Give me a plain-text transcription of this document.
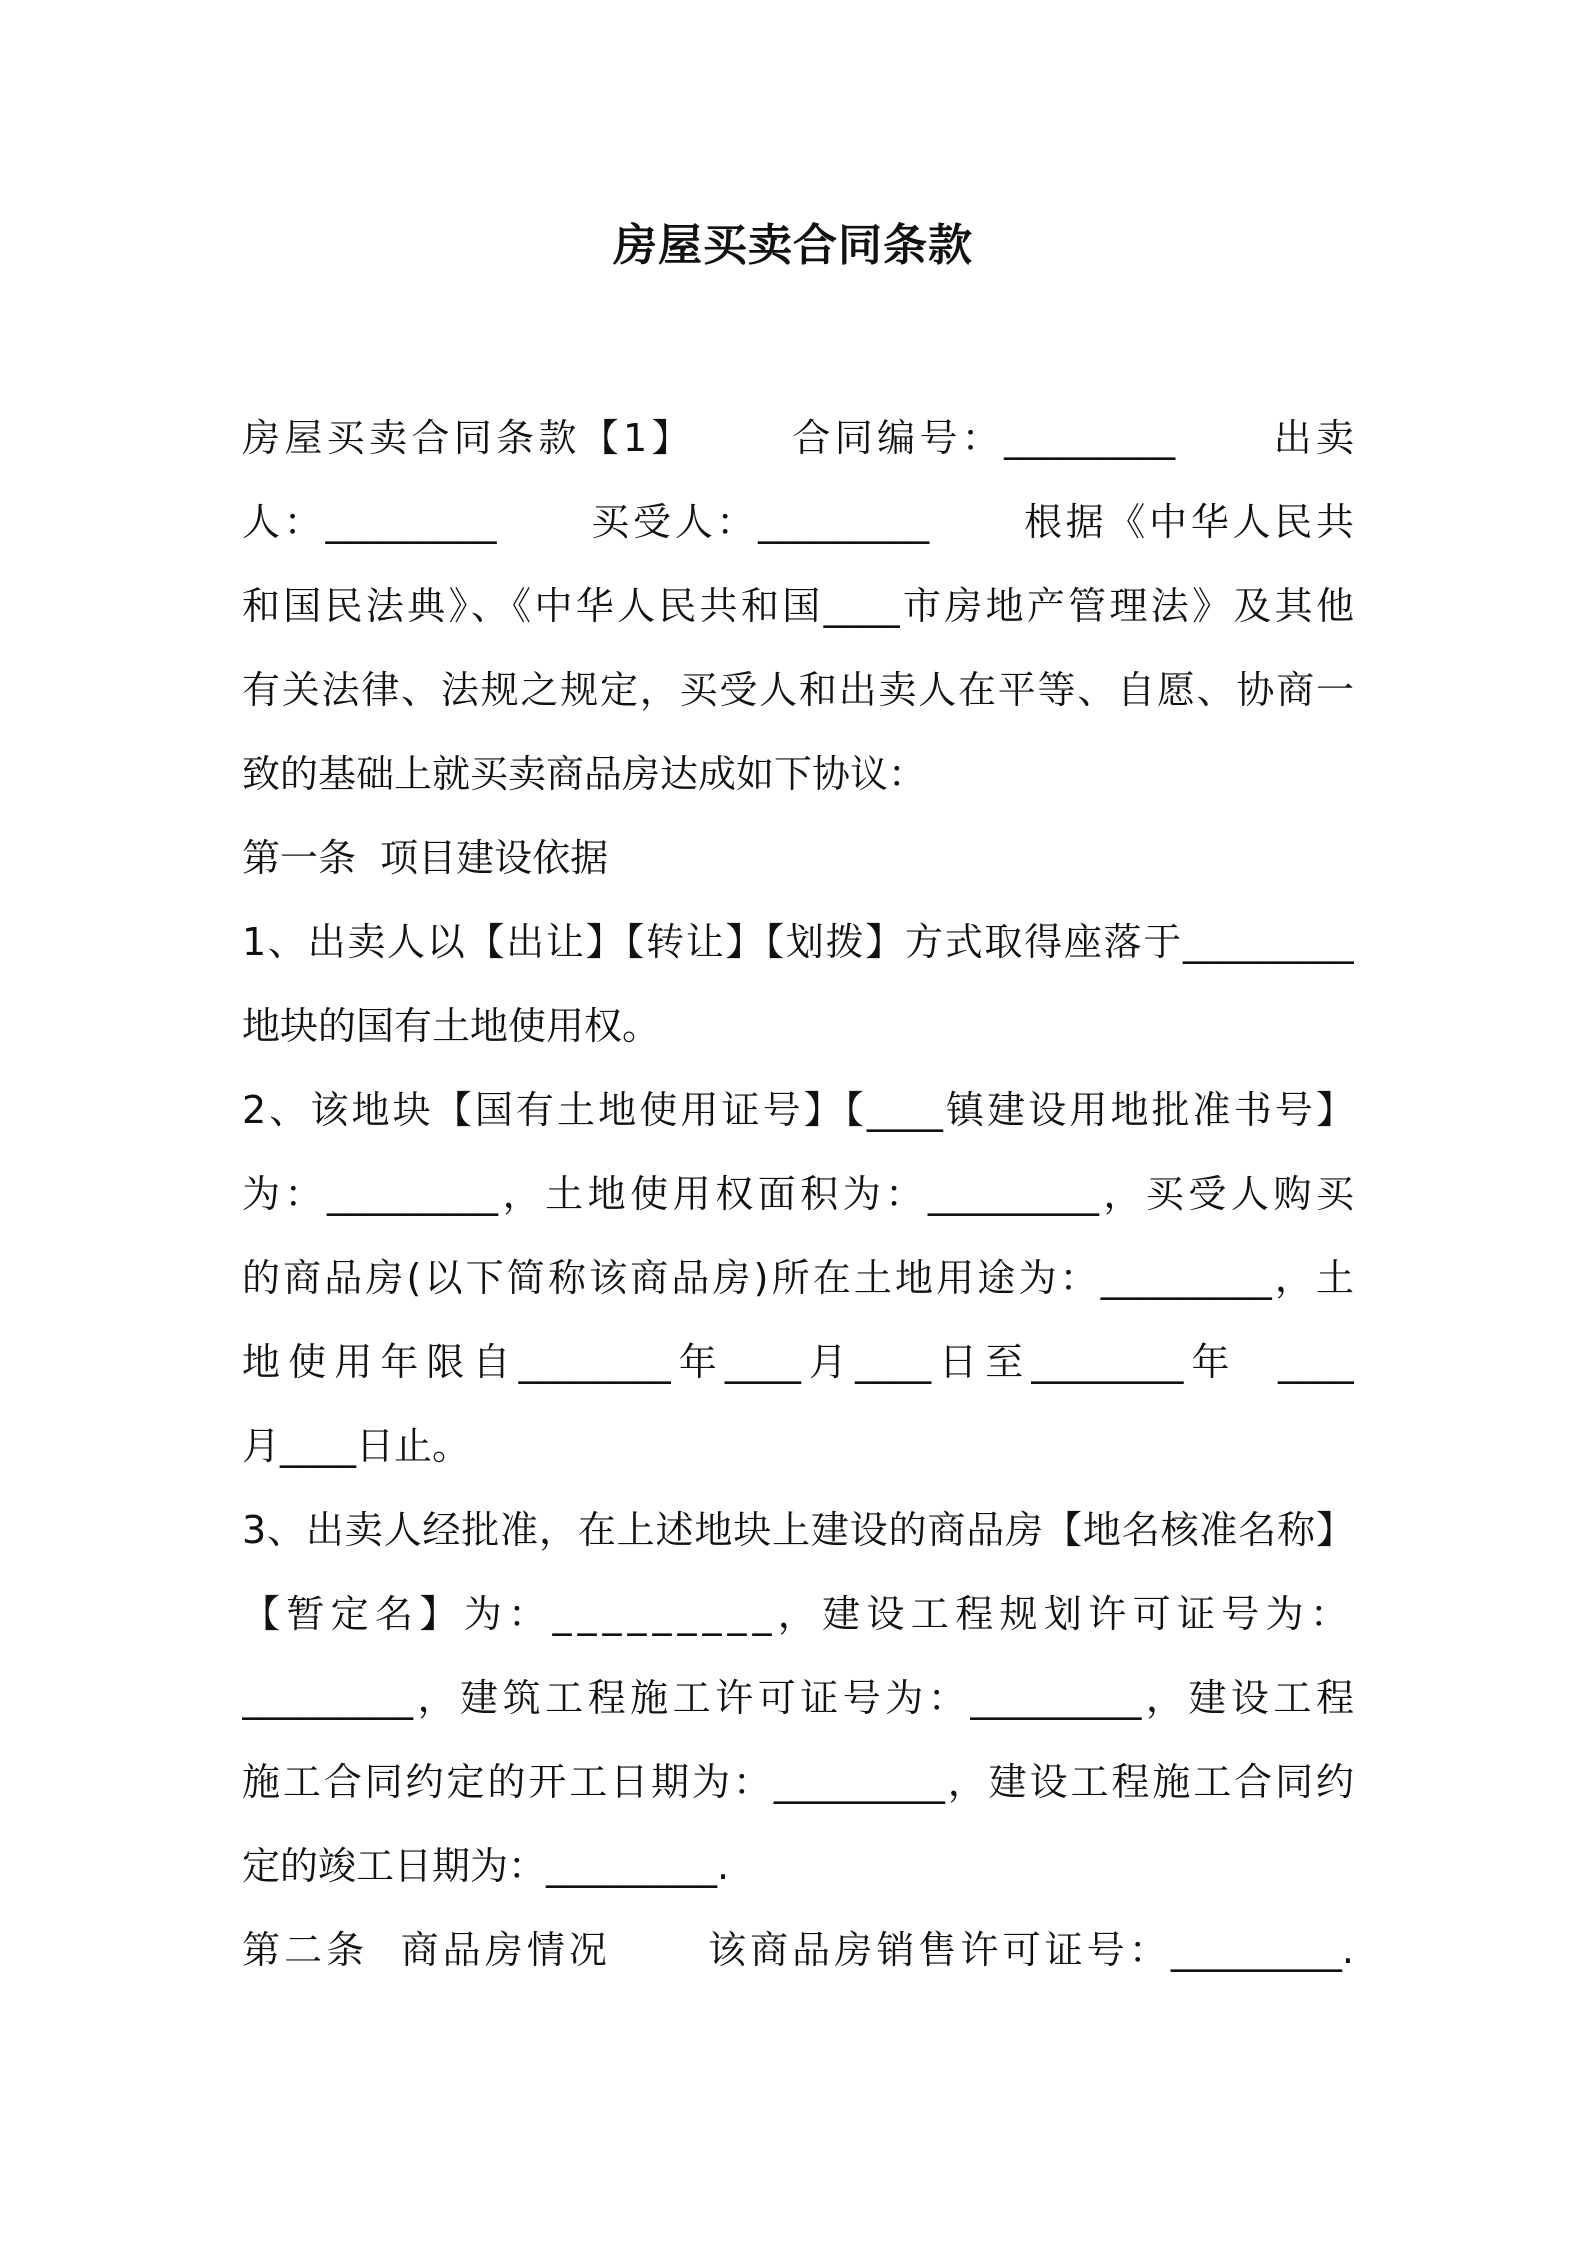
房屋买卖合同条款
房屋买卖合同条款【1】      合同编号：_________      出卖
人：_________      买受人：_________      根据《中华人民共
和国民法典》、《中华人民共和国____市房地产管理法》及其他
有关法律、法规之规定，买受人和出卖人在平等、自愿、协商一
致的基础上就买卖商品房达成如下协议：
第一条  项目建设依据
1、出卖人以【出让】【转让】【划拨】方式取得座落于_________
地块的国有土地使用权。
2、该地块【国有土地使用证号】【____镇建设用地批准书号】
为：_________，土地使用权面积为：_________，买受人购买
的商品房(以下简称该商品房)所在土地用途为：_________，土
地使用年限自________年____月____日至________年  ____
月____日止。
3、出卖人经批准，在上述地块上建设的商品房【地名核准名称】
【暂定名】为：_________，建设工程规划许可证号为：
_________，建筑工程施工许可证号为：_________，建设工程
施工合同约定的开工日期为：_________，建设工程施工合同约
定的竣工日期为：_________.
第二条  商品房情况      该商品房销售许可证号：_________.
